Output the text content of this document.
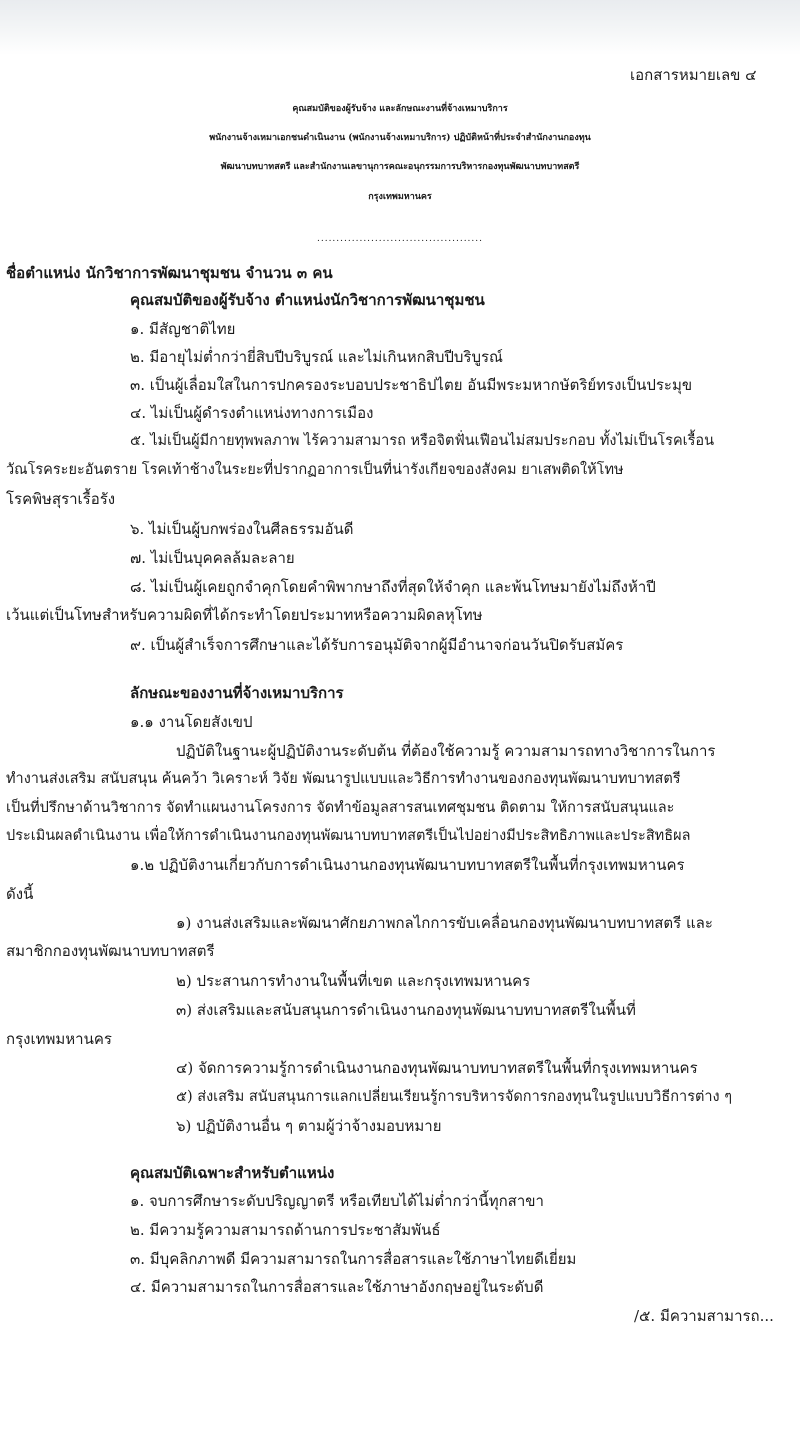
เอกสารหมายเลข ๔
คุณสมบัติของผู้รับจ้าง และลักษณะงานที่จ้างเหมาบริการ
พนักงานจ้างเหมาเอกชนดำเนินงาน (พนักงานจ้างเหมาบริการ) ปฏิบัติหน้าที่ประจำสำนักงานกองทุน
พัฒนาบทบาทสตรี และสำนักงานเลขานุการคณะอนุกรรมการบริหารกองทุนพัฒนาบทบาทสตรี
กรุงเทพมหานคร
...........................................
ชื่อตำแหน่ง นักวิชาการพัฒนาชุมชน จำนวน ๓ คน
คุณสมบัติของผู้รับจ้าง ตำแหน่งนักวิชาการพัฒนาชุมชน
๑. มีสัญชาติไทย
๒. มีอายุไม่ต่ำกว่ายี่สิบปีบริบูรณ์ และไม่เกินหกสิบปีบริบูรณ์
๓. เป็นผู้เลื่อมใสในการปกครองระบอบประชาธิปไตย อันมีพระมหากษัตริย์ทรงเป็นประมุข
๔. ไม่เป็นผู้ดำรงตำแหน่งทางการเมือง
๕. ไม่เป็นผู้มีกายทุพพลภาพ ไร้ความสามารถ หรือจิตฟั่นเฟือนไม่สมประกอบ ทั้งไม่เป็นโรคเรื้อน
วัณโรคระยะอันตราย โรคเท้าช้างในระยะที่ปรากฏอาการเป็นที่น่ารังเกียจของสังคม ยาเสพติดให้โทษ
โรคพิษสุราเรื้อรัง
๖. ไม่เป็นผู้บกพร่องในศีลธรรมอันดี
๗. ไม่เป็นบุคคลล้มละลาย
๘. ไม่เป็นผู้เคยถูกจำคุกโดยคำพิพากษาถึงที่สุดให้จำคุก และพ้นโทษมายังไม่ถึงห้าปี
เว้นแต่เป็นโทษสำหรับความผิดที่ได้กระทำโดยประมาทหรือความผิดลหุโทษ
๙. เป็นผู้สำเร็จการศึกษาและได้รับการอนุมัติจากผู้มีอำนาจก่อนวันปิดรับสมัคร
ลักษณะของงานที่จ้างเหมาบริการ
๑.๑ งานโดยสังเขป
ปฏิบัติในฐานะผู้ปฏิบัติงานระดับต้น ที่ต้องใช้ความรู้ ความสามารถทางวิชาการในการ
ทำงานส่งเสริม สนับสนุน ค้นคว้า วิเคราะห์ วิจัย พัฒนารูปแบบและวิธีการทำงานของกองทุนพัฒนาบทบาทสตรี
เป็นที่ปรึกษาด้านวิชาการ จัดทำแผนงานโครงการ จัดทำข้อมูลสารสนเทศชุมชน ติดตาม ให้การสนับสนุนและ
ประเมินผลดำเนินงาน เพื่อให้การดำเนินงานกองทุนพัฒนาบทบาทสตรีเป็นไปอย่างมีประสิทธิภาพและประสิทธิผล
๑.๒ ปฏิบัติงานเกี่ยวกับการดำเนินงานกองทุนพัฒนาบทบาทสตรีในพื้นที่กรุงเทพมหานคร
ดังนี้
๑) งานส่งเสริมและพัฒนาศักยภาพกลไกการขับเคลื่อนกองทุนพัฒนาบทบาทสตรี และ
สมาชิกกองทุนพัฒนาบทบาทสตรี
๒) ประสานการทำงานในพื้นที่เขต และกรุงเทพมหานคร
๓) ส่งเสริมและสนับสนุนการดำเนินงานกองทุนพัฒนาบทบาทสตรีในพื้นที่
กรุงเทพมหานคร
๔) จัดการความรู้การดำเนินงานกองทุนพัฒนาบทบาทสตรีในพื้นที่กรุงเทพมหานคร
๕) ส่งเสริม สนับสนุนการแลกเปลี่ยนเรียนรู้การบริหารจัดการกองทุนในรูปแบบวิธีการต่าง ๆ
๖) ปฏิบัติงานอื่น ๆ ตามผู้ว่าจ้างมอบหมาย
คุณสมบัติเฉพาะสำหรับตำแหน่ง
๑. จบการศึกษาระดับปริญญาตรี หรือเทียบได้ไม่ต่ำกว่านี้ทุกสาขา
๒. มีความรู้ความสามารถด้านการประชาสัมพันธ์
๓. มีบุคลิกภาพดี มีความสามารถในการสื่อสารและใช้ภาษาไทยดีเยี่ยม
๔. มีความสามารถในการสื่อสารและใช้ภาษาอังกฤษอยู่ในระดับดี
/๕. มีความสามารถ...
